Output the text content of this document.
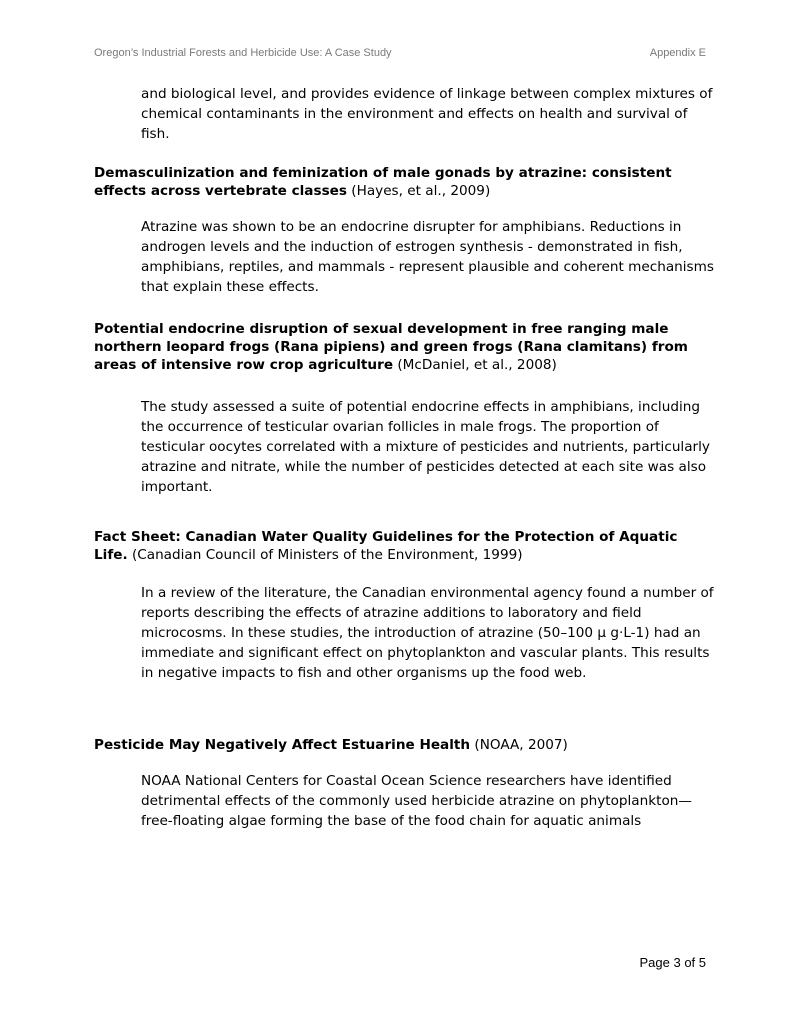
Oregon’s Industrial Forests and Herbicide Use: A Case Study	Appendix E

and biological level, and provides evidence of linkage between complex mixtures of chemical contaminants in the environment and effects on health and survival of fish.

Demasculinization and feminization of male gonads by atrazine: consistent effects across vertebrate classes (Hayes, et al., 2009)

Atrazine was shown to be an endocrine disrupter for amphibians. Reductions in androgen levels and the induction of estrogen synthesis - demonstrated in fish, amphibians, reptiles, and mammals - represent plausible and coherent mechanisms that explain these effects.

Potential endocrine disruption of sexual development in free ranging male northern leopard frogs (Rana pipiens) and green frogs (Rana clamitans) from areas of intensive row crop agriculture (McDaniel, et al., 2008)

The study assessed a suite of potential endocrine effects in amphibians, including the occurrence of testicular ovarian follicles in male frogs. The proportion of testicular oocytes correlated with a mixture of pesticides and nutrients, particularly atrazine and nitrate, while the number of pesticides detected at each site was also important.

Fact Sheet: Canadian Water Quality Guidelines for the Protection of Aquatic Life. (Canadian Council of Ministers of the Environment, 1999)

In a review of the literature, the Canadian environmental agency found a number of reports describing the effects of atrazine additions to laboratory and field microcosms. In these studies, the introduction of atrazine (50–100 µ g·L-1) had an immediate and significant effect on phytoplankton and vascular plants. This results in negative impacts to fish and other organisms up the food web.

Pesticide May Negatively Affect Estuarine Health (NOAA, 2007)

NOAA National Centers for Coastal Ocean Science researchers have identified detrimental effects of the commonly used herbicide atrazine on phytoplankton—free-floating algae forming the base of the food chain for aquatic animals

Page 3 of 5
